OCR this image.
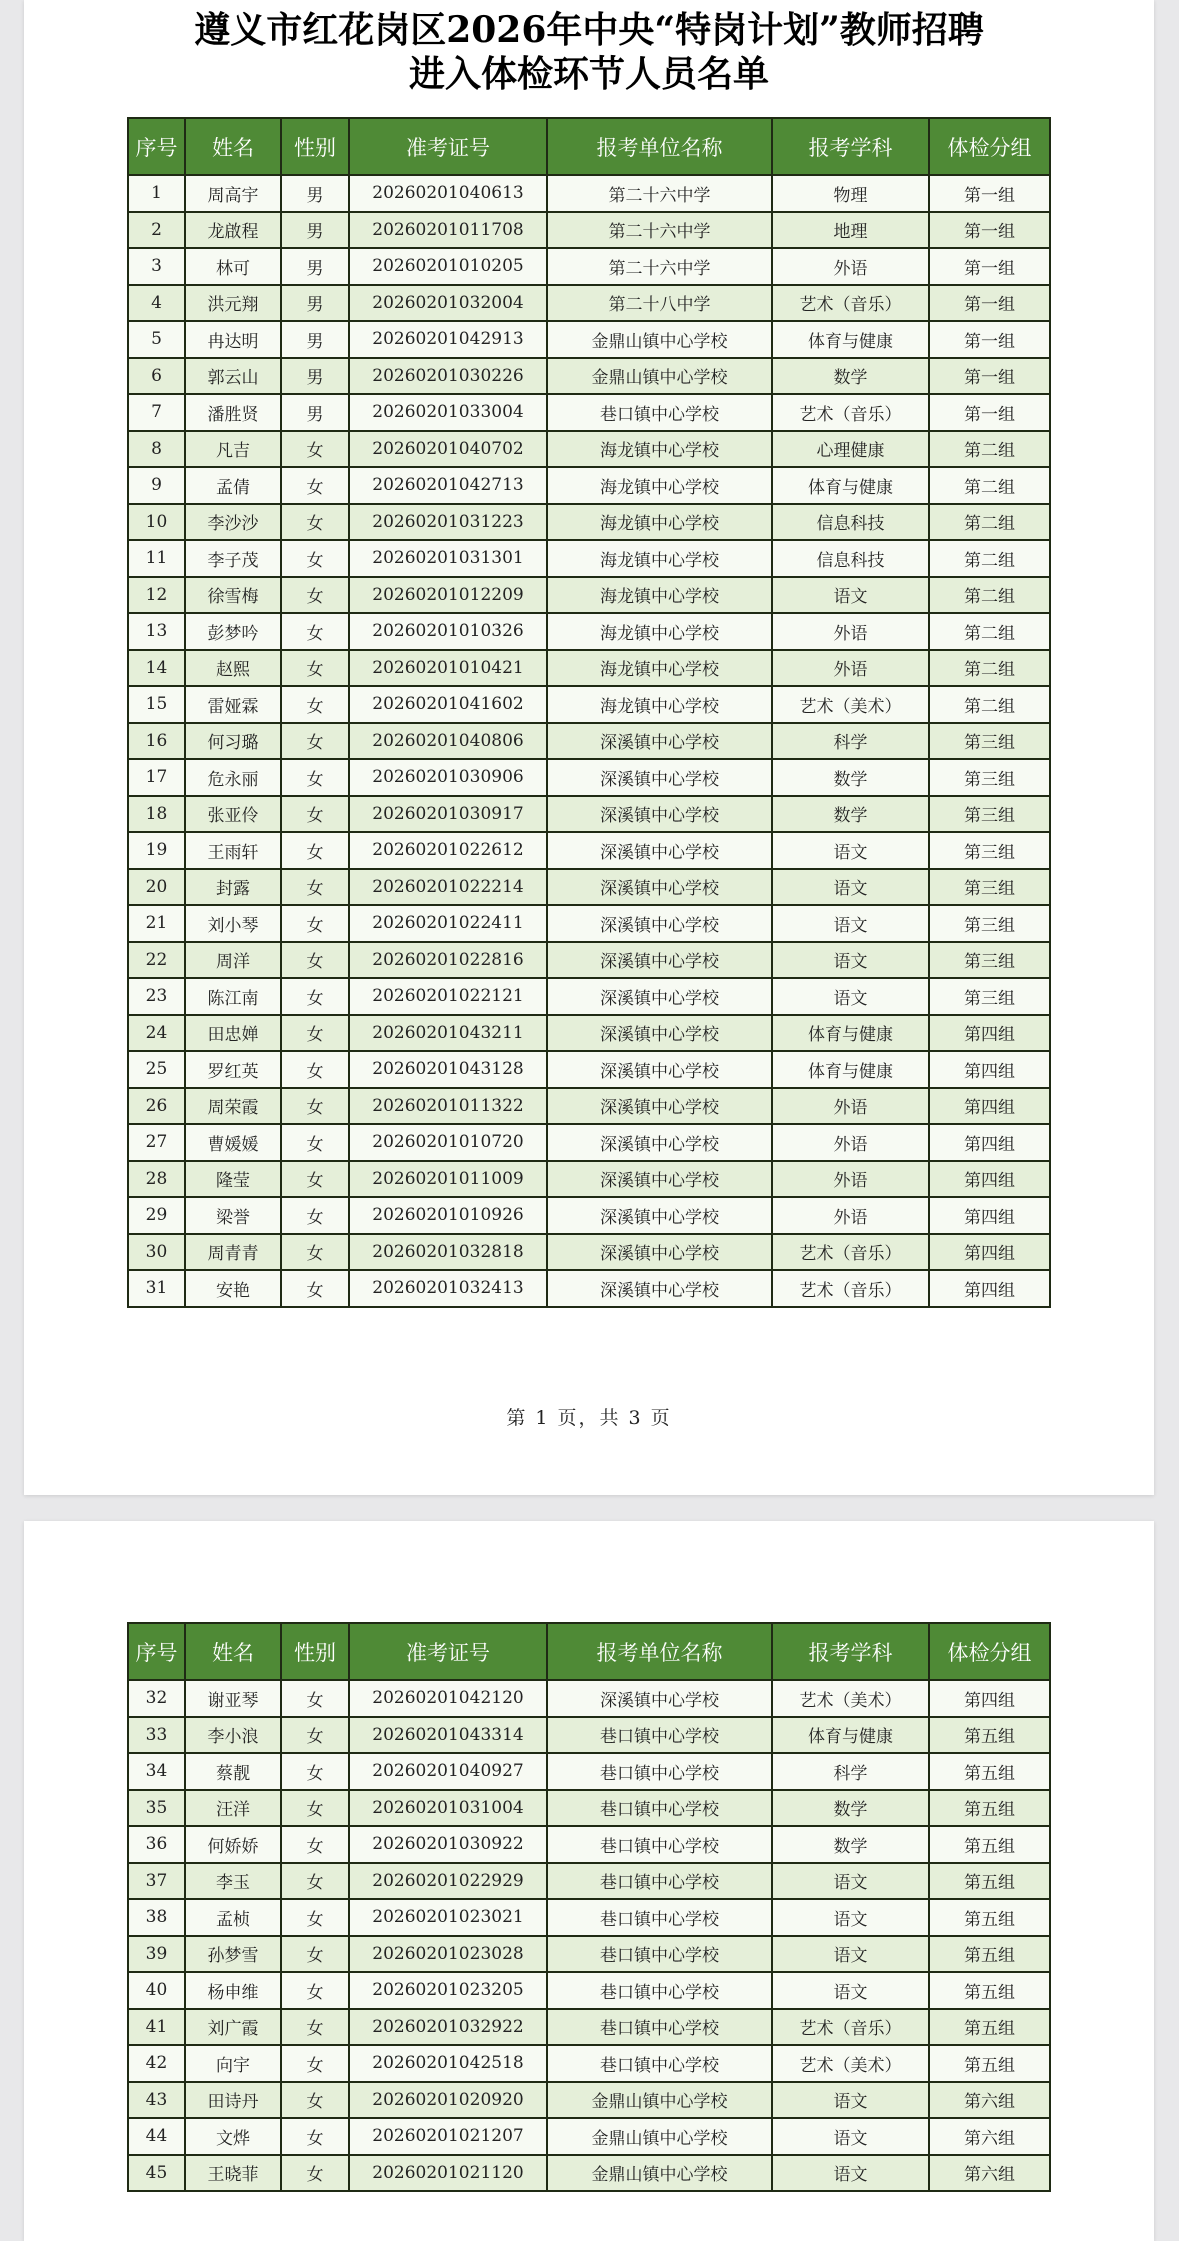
遵义市红花岗区2026年中央“特岗计划”教师招聘
进入体检环节人员名单
序号	姓名	性别	准考证号	报考单位名称	报考学科	体检分组
1	周高宇	男	20260201040613	第二十六中学	物理	第一组
2	龙啟程	男	20260201011708	第二十六中学	地理	第一组
3	林可	男	20260201010205	第二十六中学	外语	第一组
4	洪元翔	男	20260201032004	第二十八中学	艺术（音乐）	第一组
5	冉达明	男	20260201042913	金鼎山镇中心学校	体育与健康	第一组
6	郭云山	男	20260201030226	金鼎山镇中心学校	数学	第一组
7	潘胜贤	男	20260201033004	巷口镇中心学校	艺术（音乐）	第一组
8	凡吉	女	20260201040702	海龙镇中心学校	心理健康	第二组
9	孟倩	女	20260201042713	海龙镇中心学校	体育与健康	第二组
10	李沙沙	女	20260201031223	海龙镇中心学校	信息科技	第二组
11	李子茂	女	20260201031301	海龙镇中心学校	信息科技	第二组
12	徐雪梅	女	20260201012209	海龙镇中心学校	语文	第二组
13	彭梦吟	女	20260201010326	海龙镇中心学校	外语	第二组
14	赵熙	女	20260201010421	海龙镇中心学校	外语	第二组
15	雷娅霖	女	20260201041602	海龙镇中心学校	艺术（美术）	第二组
16	何习璐	女	20260201040806	深溪镇中心学校	科学	第三组
17	危永丽	女	20260201030906	深溪镇中心学校	数学	第三组
18	张亚伶	女	20260201030917	深溪镇中心学校	数学	第三组
19	王雨轩	女	20260201022612	深溪镇中心学校	语文	第三组
20	封露	女	20260201022214	深溪镇中心学校	语文	第三组
21	刘小琴	女	20260201022411	深溪镇中心学校	语文	第三组
22	周洋	女	20260201022816	深溪镇中心学校	语文	第三组
23	陈江南	女	20260201022121	深溪镇中心学校	语文	第三组
24	田忠婵	女	20260201043211	深溪镇中心学校	体育与健康	第四组
25	罗红英	女	20260201043128	深溪镇中心学校	体育与健康	第四组
26	周荣霞	女	20260201011322	深溪镇中心学校	外语	第四组
27	曹媛媛	女	20260201010720	深溪镇中心学校	外语	第四组
28	隆莹	女	20260201011009	深溪镇中心学校	外语	第四组
29	梁誉	女	20260201010926	深溪镇中心学校	外语	第四组
30	周青青	女	20260201032818	深溪镇中心学校	艺术（音乐）	第四组
31	安艳	女	20260201032413	深溪镇中心学校	艺术（音乐）	第四组
第 1 页，共 3 页
序号	姓名	性别	准考证号	报考单位名称	报考学科	体检分组
32	谢亚琴	女	20260201042120	深溪镇中心学校	艺术（美术）	第四组
33	李小浪	女	20260201043314	巷口镇中心学校	体育与健康	第五组
34	蔡靓	女	20260201040927	巷口镇中心学校	科学	第五组
35	汪洋	女	20260201031004	巷口镇中心学校	数学	第五组
36	何娇娇	女	20260201030922	巷口镇中心学校	数学	第五组
37	李玉	女	20260201022929	巷口镇中心学校	语文	第五组
38	孟桢	女	20260201023021	巷口镇中心学校	语文	第五组
39	孙梦雪	女	20260201023028	巷口镇中心学校	语文	第五组
40	杨申维	女	20260201023205	巷口镇中心学校	语文	第五组
41	刘广霞	女	20260201032922	巷口镇中心学校	艺术（音乐）	第五组
42	向宇	女	20260201042518	巷口镇中心学校	艺术（美术）	第五组
43	田诗丹	女	20260201020920	金鼎山镇中心学校	语文	第六组
44	文烨	女	20260201021207	金鼎山镇中心学校	语文	第六组
45	王晓菲	女	20260201021120	金鼎山镇中心学校	语文	第六组
